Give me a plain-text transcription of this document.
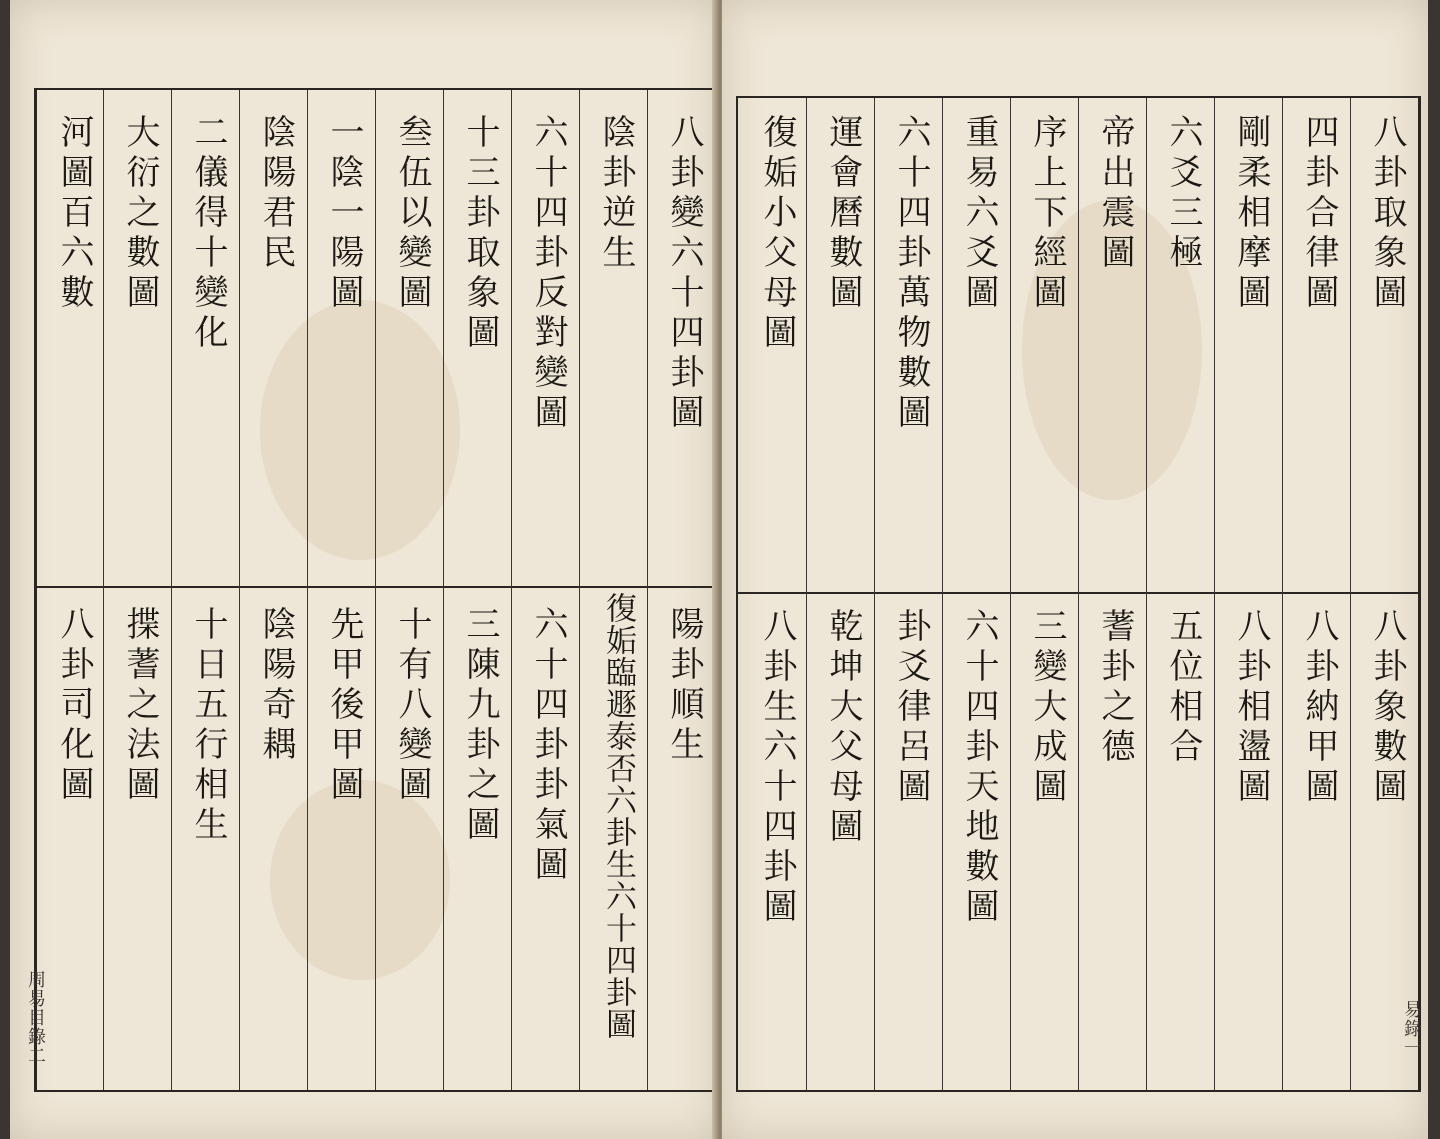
八卦變六十四卦圖
陰卦逆生
六十四卦反對變圖
十三卦取象圖
叁伍以變圖
一陰一陽圖
陰陽君民
二儀得十變化
大衍之數圖
河圖百六數
陽卦順生
復姤臨遯泰否六卦生六十四卦圖
六十四卦卦氣圖
三陳九卦之圖
十有八變圖
先甲後甲圖
陰陽奇耦
十日五行相生
揲蓍之法圖
八卦司化圖
周易目錄二
八卦取象圖
四卦合律圖
剛柔相摩圖
六爻三極
帝出震圖
序上下經圖
重易六爻圖
六十四卦萬物數圖
運會曆數圖
復姤小父母圖
八卦象數圖
八卦納甲圖
八卦相盪圖
五位相合
蓍卦之德
三變大成圖
六十四卦天地數圖
卦爻律呂圖
乾坤大父母圖
八卦生六十四卦圖
易錄一
